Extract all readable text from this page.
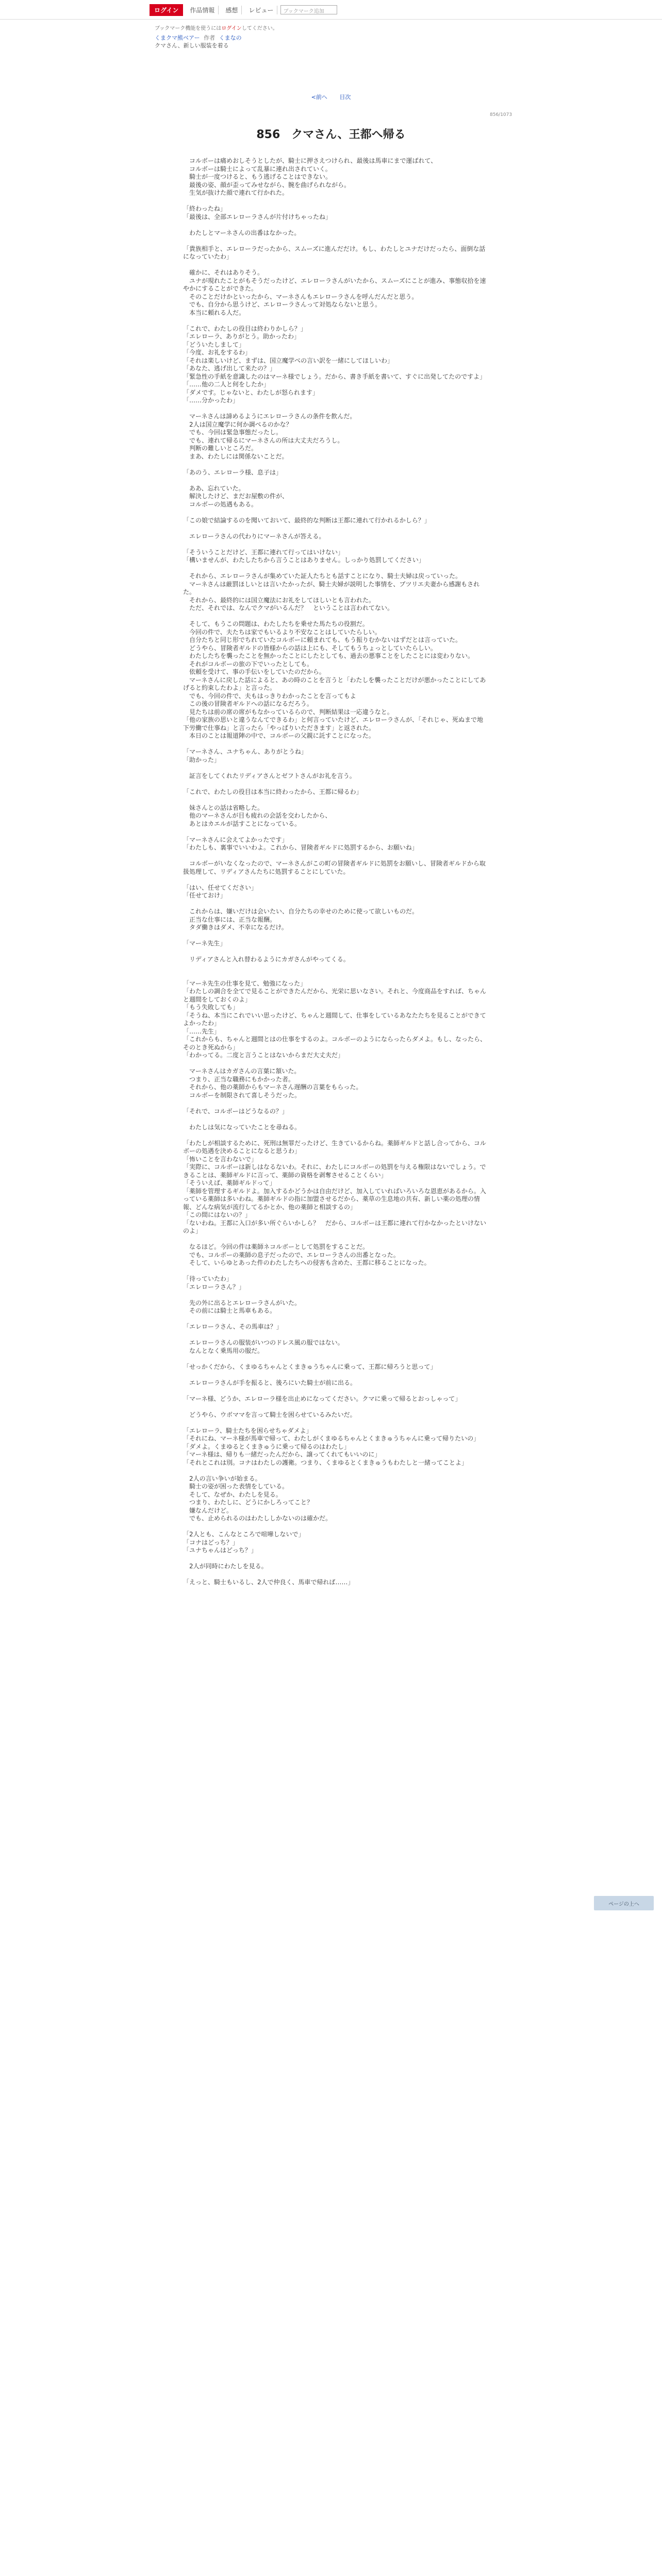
ログイン	作品情報	感想	レビュー	ブックマーク追加
ブックマーク機能を使うにはログインしてください。
くまクマ熊ベアー 作者 くまなの
クマさん、新しい服装を着る
<前へ 目次
856/1073
856　クマさん、王都へ帰る

　コルボーは痛めおしそうとしたが、騎士に押さえつけられ、最後は馬車にまで運ばれて、

　コルボーは騎士によって乱暴に連れ出されていく。

　騎士が一度つけると、もう逃げることはできない。

　最後の姿、顔が歪ってみせながら、腕を曲げられながら。

　生気が抜けた顔で連れて行かれた。

「終わったね」

「最後は、全部エレローラさんが片付けちゃったね」

　わたしとマーネさんの出番はなかった。

「貴族相手と、エレローラだったから、スムーズに進んだだけ。もし、わたしとユナだけだったら、面倒な話になっていたわ」

　確かに、それはありそう。

　ユナが現れたことがもそうだったけど、エレローラさんがいたから、スムーズにことが進み、事態収拾を速やかにすることができた。

　そのことだけかといったから、マーネさんもエレローラさんを呼んだんだと思う。

　でも、自分から思うけど、エレローラさんって対処ならないと思う。

　本当に頼れる人だ。

「これで、わたしの役目は終わりかしら？」

「エレローラ、ありがとう。助かったわ」

「どういたしまして」

「今度、お礼をするわ」

「それは楽しいけど、まずは、国立魔学べの言い訳を一緒にしてほしいわ」

「あなた、逃げ出して来たの？」

「緊急性の手紙を意識したのはマーネ様でしょう。だから、書き手紙を書いて、すぐに出発してたのですよ」

「……他の二人と何をしたか」

「ダメです。じゃないと、わたしが怒られます」

「……分かったわ」

　マーネさんは諦めるようにエレローラさんの条件を飲んだ。

　2人は国立魔学に何か調べるのかな？

　でも、今回は緊急事態だったし。

　でも、連れて帰るにマーネさんの所は大丈夫だろうし。

　判断の難しいところだ。

　まあ、わたしには関係ないことだ。

「あのう、エレローラ様、息子は」

　ああ、忘れていた。

　解決したけど、まだお屋敷の件が、

　コルボーの処遇もある。

「この娘で結論するのを聞いておいて、最終的な判断は王都に連れて行かれるかしら？」

　エレローラさんの代わりにマーネさんが答える。

「そういうことだけど、王都に連れて行ってはいけない」

「構いませんが、わたしたちから言うことはありません。しっかり処罰してください」

　それから、エレローラさんが集めていた証人たちとも話すことになり、騎士夫婦は戻っていった。

　マーネさんは厳罰ほしいとは言いたかったが、騎士夫婦が説明した事情を、ブツリエ夫妻から感謝もされた。

　それから、最終的には国立魔法にお礼をしてほしいとも言われた。

　ただ、それでは、なんでクマがいるんだ？　ということは言われてない。

　そして、もうこの問題は、わたしたちを乗せた馬たちの役割だ。

　今回の件で、夫たちは家でもいるより不安なことはしていたらしい。

　自分たちと同じ形でちれていたコルボーに頼まれても、もう振りむかないはずだとは言っていた。

　どうやら、冒険者ギルドの皆様からの話は上にも、そしてもうちょっとしていたらしい。

　わたしたちを襲ったことを無かったことにしたとしても、過去の悪事ことをしたことには変わりない。

　それがコルボーの旅の下でいったとしても。

　依頼を受けて、事の手伝いをしていたのだから。

　マーネさんに戻した話によると、あの時のことを言うと「わたしを襲ったことだけが悪かったことにしてあげると約束したわよ」と言った。

　でも、今回の件で、夫もはっきりわかったことを言ってもよ

　この後の冒険者ギルドへの話になるだろう。

　見たちは前の席の席がもなかっているらので、判断結果は一応違うなと。

「他の家族の思いと違うなんてできるわ」と何言っていたけど、エレローラさんが、「それじゃ、死ぬまで地下労働で仕事ね」と言ったら「やっぱりいただきます」と返された。

　本日のことは報道陣の中で、コルボーの父親に託すことになった。

「マーネさん、ユナちゃん、ありがとうね」

「助かった」

　証言をしてくれたリディアさんとゼフトさんがお礼を言う。

「これで、わたしの役目は本当に終わったから、王都に帰るわ」

　妹さんとの話は省略した。

　他のマーネさんが目も疲れの会話を交わしたから、

　あとはカエルが話すことになっている。

「マーネさんに会えてよかったです」

「わたしも、裏事でいいわよ。これから、冒険者ギルドに処罰するから、お願いね」

　コルボーがいなくなったので、マーネさんがこの町の冒険者ギルドに処罰をお願いし、冒険者ギルドから取扱処理して、リディアさんたちに処罰することにしていた。

「はい、任せてください」

「任せておけ」

　これからは、嫌いだけは会いたい、自分たちの幸せのために使って欲しいものだ。

　正当な仕事には、正当な報酬。

　タダ働きはダメ、不幸になるだけ。

「マーネ先生」

　リディアさんと入れ替わるようにカガさんがやってくる。

「マーネ先生の仕事を見て、勉強になった」

「わたしの調合を全てで見ることができたんだから、光栄に思いなさい。それと、今度商品をすれば、ちゃんと週間をしておくのよ」

「もう失敗しても」

「そうね、本当にこれでいい思ったけど、ちゃんと週間して、仕事をしているあなたたちを見ることができてよかったわ」

「……先生」

「これからも、ちゃんと週間とはの仕事をするのよ。コルボーのようにならったらダメよ。もし、なったら、そのとき死ぬから」

「わかってる。二度と言うことはないからまだ大丈夫だ」

　マーネさんはカガさんの言葉に頷いた。

　つまり、正当な職務にもかかった者。

　それから、他の薬師からもマーネさん遅酬の言葉をもらった。

　コルボーを制限されて喜しそうだった。

「それで、コルボーはどうなるの？」

　わたしは気になっていたことを尋ねる。

「わたしが相談するために、死刑は無罪だったけど、生きているからね。薬師ギルドと話し合ってから、コルボーの処遇を決めることになると思うわ」

「怖いことを言わないで」

「実際に、コルボーは新しはなるないわ。それに、わたしにコルボーの処罰を与える権限はないでしょう。できることは、薬師ギルドに言って、薬師の資格を剥奪させることくらい」

「そういえば、薬師ギルドって」

「薬師を管理するギルドよ。加入するかどうかは自由だけど、加入していればいろいろな恩恵があるから。入っている薬師は多いわね。薬師ギルドの指に加盟させるだから、薬草の生息地の共有、新しい薬の処理の情報、どんな病気が流行してるかとか、他の薬師と相談するの」

「この間にはないの？」

「ないわね。王都に入口が多い所ぐらいかしら？　だから、コルボーは王都に連れて行かなかったといけないのよ」

　なるほど。今回の件は薬師ネコルボーとして処罰をすることだ。

　でも、コルボーの薬師の息子だったので、エレローラさんの出番となった。

　そして、いらゆとあった件のわたしたちへの侵害も含めた、王都に移ることになった。

「待っていたわ」

「エレローラさん？」

　先の外に出るとエレローラさんがいた。

　その前には騎士と馬車もある。

「エレローラさん、その馬車は？」

　エレローラさんの服装がいつのドレス風の服ではない。

　なんとなく乗馬用の服だ。

「せっかくだから、くまゆるちゃんとくまきゅうちゃんに乗って、王都に帰ろうと思って」

　エレローラさんが手を振ると、後ろにいた騎士が前に出る。

「マーネ様、どうか、エレローラ様を出止めになってください。クマに乗って帰るとおっしゃって」

　どうやら、ウボママを言って騎士を困らせているみたいだ。

「エレローラ、騎士たちを困らせちゃダメよ」

「それにね、マーネ様が馬車で帰って、わたしがくまゆるちゃんとくまきゅうちゃんに乗って帰りたいの」

「ダメよ。くまゆるとくまきゅうに乗って帰るのはわたし」

「マーネ様は、帰りも一緒だったんだから、譲ってくれてもいいのに」

「それとこれは別。コナはわたしの護衛。つまり、くまゆるとくまきゅうもわたしと一緒ってことよ」

　2人の言い争いが始まる。

　騎士の姿が困った表情をしている。

　そして、なぜか、わたしを見る。

　つまり、わたしに、どうにかしろってこと？

　嫌なんだけど。

　でも、止められるのはわたししかないのは確かだ。

「2人とも、こんなところで喧嘩しないで」

「コナはどっち？」

「ユナちゃんはどっち？」

　2人が同時にわたしを見る。

「えっと、騎士もいるし、2人で仲良く、馬車で帰れば……」

ページの上へ
